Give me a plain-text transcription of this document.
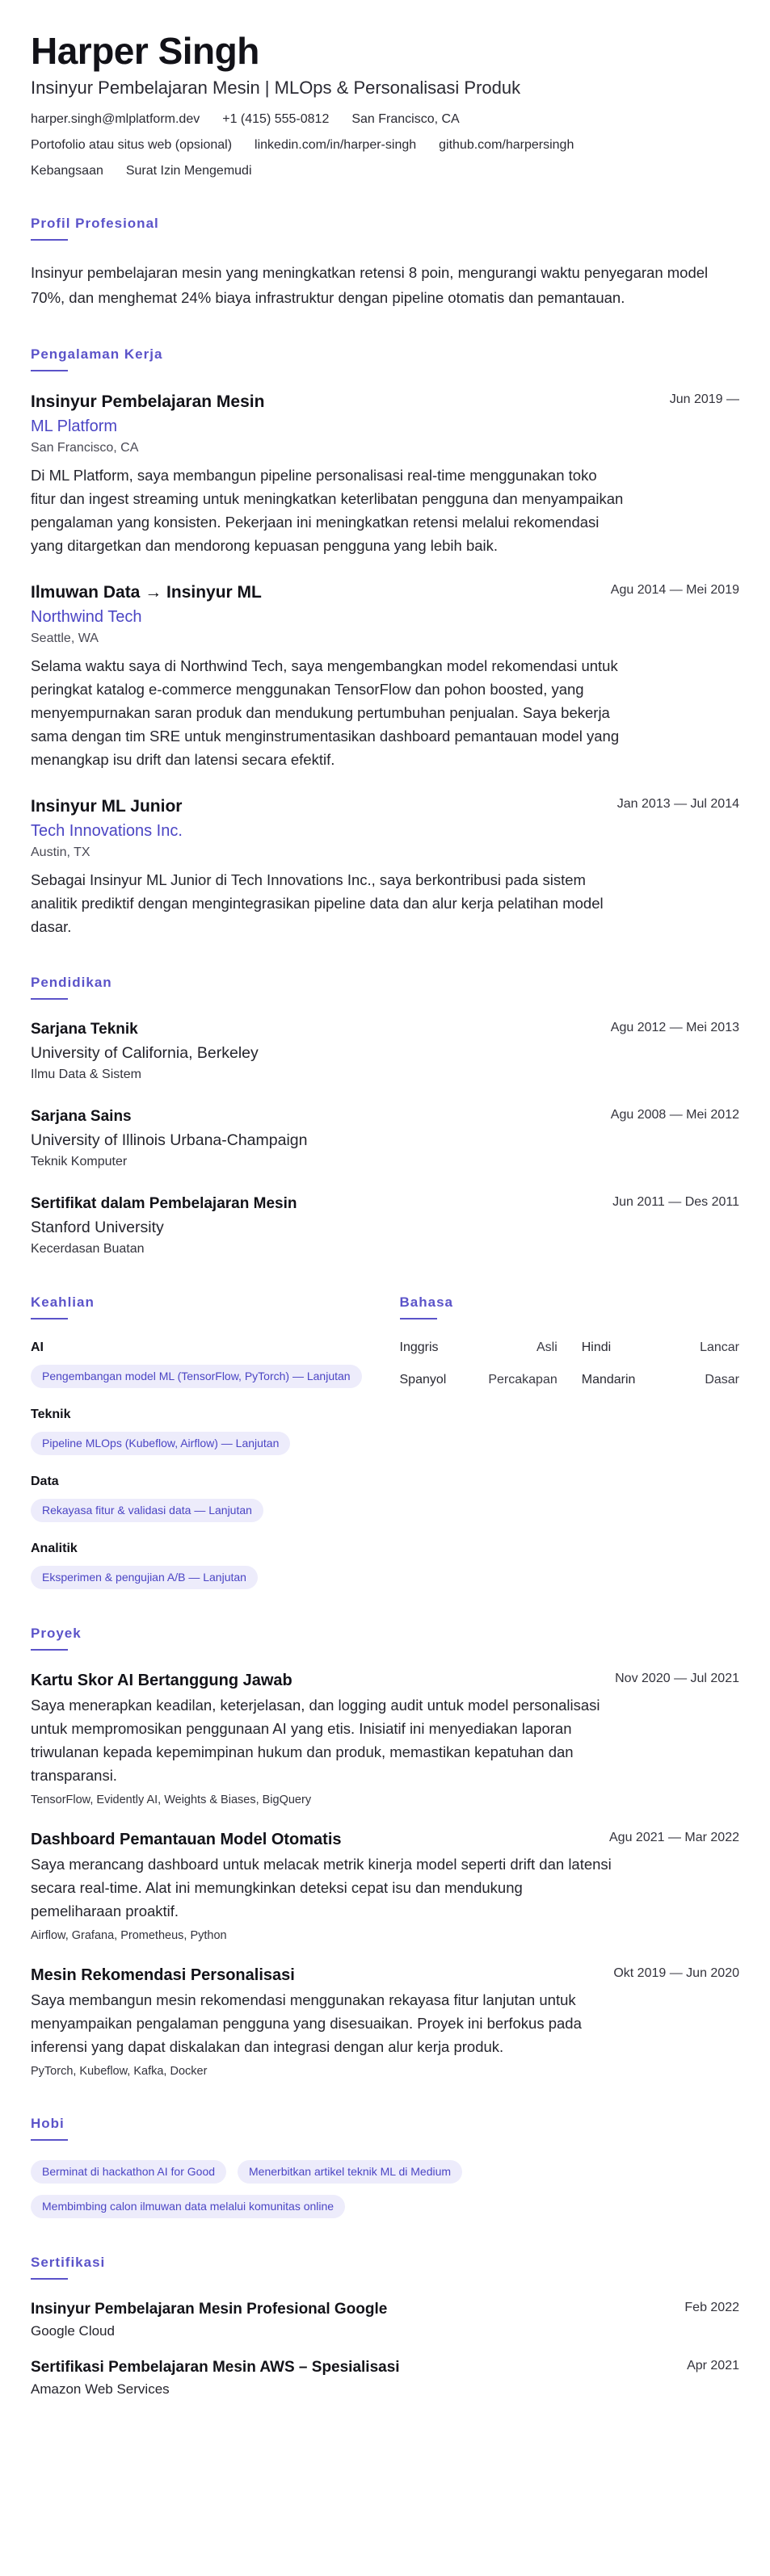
Harper Singh
Insinyur Pembelajaran Mesin | MLOps & Personalisasi Produk
harper.singh@mlplatform.dev +1 (415) 555-0812 San Francisco, CA
Portofolio atau situs web (opsional) linkedin.com/in/harper-singh github.com/harpersingh
Kebangsaan Surat Izin Mengemudi
Profil Profesional

Insinyur pembelajaran mesin yang meningkatkan retensi 8 poin, mengurangi waktu penyegaran model 70%, dan menghemat 24% biaya infrastruktur dengan pipeline otomatis dan pemantauan.

Pengalaman Kerja
Jun 2019 —
Insinyur Pembelajaran Mesin
ML Platform
San Francisco, CA

Di ML Platform, saya membangun pipeline personalisasi real-time menggunakan toko fitur dan ingest streaming untuk meningkatkan keterlibatan pengguna dan menyampaikan pengalaman yang konsisten. Pekerjaan ini meningkatkan retensi melalui rekomendasi yang ditargetkan dan mendorong kepuasan pengguna yang lebih baik.

Agu 2014 — Mei 2019
Ilmuwan Data → Insinyur ML
Northwind Tech
Seattle, WA

Selama waktu saya di Northwind Tech, saya mengembangkan model rekomendasi untuk peringkat katalog e-commerce menggunakan TensorFlow dan pohon boosted, yang menyempurnakan saran produk dan mendukung pertumbuhan penjualan. Saya bekerja sama dengan tim SRE untuk menginstrumentasikan dashboard pemantauan model yang menangkap isu drift dan latensi secara efektif.

Jan 2013 — Jul 2014
Insinyur ML Junior
Tech Innovations Inc.
Austin, TX

Sebagai Insinyur ML Junior di Tech Innovations Inc., saya berkontribusi pada sistem analitik prediktif dengan mengintegrasikan pipeline data dan alur kerja pelatihan model dasar.

Pendidikan
Agu 2012 — Mei 2013
Sarjana Teknik
University of California, Berkeley
Ilmu Data & Sistem
Agu 2008 — Mei 2012
Sarjana Sains
University of Illinois Urbana-Champaign
Teknik Komputer
Jun 2011 — Des 2011
Sertifikat dalam Pembelajaran Mesin
Stanford University
Kecerdasan Buatan
Keahlian
AI
Pengembangan model ML (TensorFlow, PyTorch) — Lanjutan
Teknik
Pipeline MLOps (Kubeflow, Airflow) — Lanjutan
Data
Rekayasa fitur & validasi data — Lanjutan
Analitik
Eksperimen & pengujian A/B — Lanjutan
Bahasa
Inggris	Asli Hindi	Lancar
Spanyol	Percakapan Mandarin	Dasar
Proyek
Nov 2020 — Jul 2021
Kartu Skor AI Bertanggung Jawab

Saya menerapkan keadilan, keterjelasan, dan logging audit untuk model personalisasi untuk mempromosikan penggunaan AI yang etis. Inisiatif ini menyediakan laporan triwulanan kepada kepemimpinan hukum dan produk, memastikan kepatuhan dan transparansi.

TensorFlow, Evidently AI, Weights & Biases, BigQuery
Agu 2021 — Mar 2022
Dashboard Pemantauan Model Otomatis

Saya merancang dashboard untuk melacak metrik kinerja model seperti drift dan latensi secara real-time. Alat ini memungkinkan deteksi cepat isu dan mendukung pemeliharaan proaktif.

Airflow, Grafana, Prometheus, Python
Okt 2019 — Jun 2020
Mesin Rekomendasi Personalisasi

Saya membangun mesin rekomendasi menggunakan rekayasa fitur lanjutan untuk menyampaikan pengalaman pengguna yang disesuaikan. Proyek ini berfokus pada inferensi yang dapat diskalakan dan integrasi dengan alur kerja produk.

PyTorch, Kubeflow, Kafka, Docker
Hobi
Berminat di hackathon AI for Good	Menerbitkan artikel teknik ML di Medium
Membimbing calon ilmuwan data melalui komunitas online
Sertifikasi
Feb 2022
Insinyur Pembelajaran Mesin Profesional Google
Google Cloud
Apr 2021
Sertifikasi Pembelajaran Mesin AWS – Spesialisasi
Amazon Web Services
